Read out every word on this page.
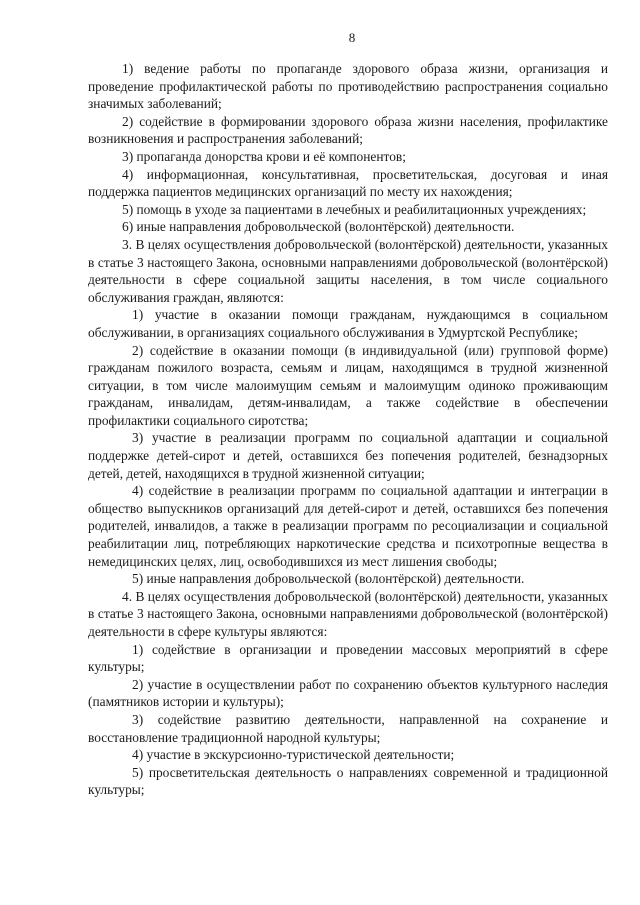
8

1) ведение работы по пропаганде здорового образа жизни, организация и проведение профилактической работы по противодействию распространения социально значимых заболеваний;

2) содействие в формировании здорового образа жизни населения, профилактике возникновения и распространения заболеваний;

3) пропаганда донорства крови и её компонентов;

4) информационная, консультативная, просветительская, досуговая и иная поддержка пациентов медицинских организаций по месту их нахождения;

5) помощь в уходе за пациентами в лечебных и реабилитационных учреждениях;

6) иные направления добровольческой (волонтёрской) деятельности.

3. В целях осуществления добровольческой (волонтёрской) деятельности, указанных в статье 3 настоящего Закона, основными направлениями добровольческой (волонтёрской) деятельности в сфере социальной защиты населения, в том числе социального обслуживания граждан, являются:

1) участие в оказании помощи гражданам, нуждающимся в социальном обслуживании, в организациях социального обслуживания в Удмуртской Республике;

2) содействие в оказании помощи (в индивидуальной (или) групповой форме) гражданам пожилого возраста, семьям и лицам, находящимся в трудной жизненной ситуации, в том числе малоимущим семьям и малоимущим одиноко проживающим гражданам, инвалидам, детям-инвалидам, а также содействие в обеспечении профилактики социального сиротства;

3) участие в реализации программ по социальной адаптации и социальной поддержке детей-сирот и детей, оставшихся без попечения родителей, безнадзорных детей, детей, находящихся в трудной жизненной ситуации;

4) содействие в реализации программ по социальной адаптации и интеграции в общество выпускников организаций для детей-сирот и детей, оставшихся без попечения родителей, инвалидов, а также в реализации программ по ресоциализации и социальной реабилитации лиц, потребляющих наркотические средства и психотропные вещества в немедицинских целях, лиц, освободившихся из мест лишения свободы;

5) иные направления добровольческой (волонтёрской) деятельности.

4. В целях осуществления добровольческой (волонтёрской) деятельности, указанных в статье 3 настоящего Закона, основными направлениями добровольческой (волонтёрской) деятельности в сфере культуры являются:

1) содействие в организации и проведении массовых мероприятий в сфере культуры;

2) участие в осуществлении работ по сохранению объектов культурного наследия (памятников истории и культуры);

3) содействие развитию деятельности, направленной на сохранение и восстановление традиционной народной культуры;

4) участие в экскурсионно-туристической деятельности;

5) просветительская деятельность о направлениях современной и традиционной культуры;
